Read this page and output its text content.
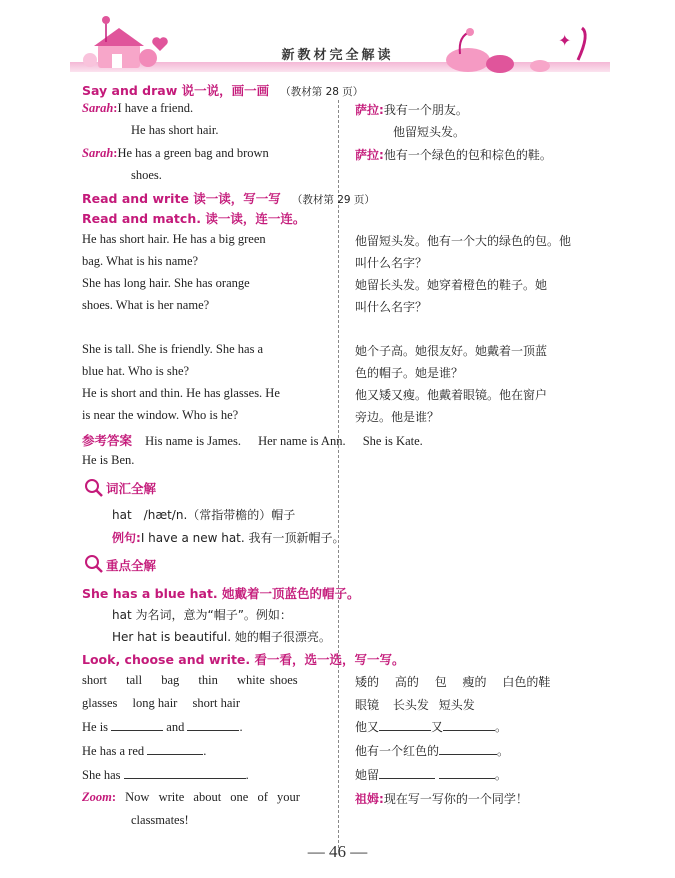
新教材完全解读
✦
Say and draw 说一说，画一画 （教材第 28 页）
Sarah:I have a friend.
He has short hair.
Sarah:He has a green bag and brown
shoes.
萨拉:我有一个朋友。
他留短头发。
萨拉:他有一个绿色的包和棕色的鞋。
Read and write 读一读，写一写 （教材第 29 页）
Read and match. 读一读，连一连。
He has short hair. He has a big green
bag. What is his name?
She has long hair. She has orange
shoes. What is her name?
She is tall. She is friendly. She has a
blue hat. Who is she?
He is short and thin. He has glasses. He
is near the window. Who is he?
他留短头发。他有一个大的绿色的包。他
叫什么名字？
她留长头发。她穿着橙色的鞋子。她
叫什么名字？
她个子高。她很友好。她戴着一顶蓝
色的帽子。她是谁？
他又矮又瘦。他戴着眼镜。他在窗户
旁边。他是谁？
参考答案 His name is James. Her name is Ann. She is Kate.
He is Ben.
词汇全解
hat　/hæt/n.（常指带檐的）帽子
例句:I have a new hat. 我有一顶新帽子。
重点全解
She has a blue hat. 她戴着一顶蓝色的帽子。
hat 为名词，意为“帽子”。例如：
Her hat is beautiful. 她的帽子很漂亮。
Look, choose and write. 看一看，选一选，写一写。
short tall bag thin white shoes
glasses long hair short hair
矮的 高的 包 瘦的 白色的鞋
眼镜 长头发 短头发
He is	and	.
He has a red	.
She has	.
他又	又	。
他有一个红色的	。
她留	。
Zoom: Now write about one of your
classmates!
祖姆:现在写一写你的一个同学！
— 46 —
